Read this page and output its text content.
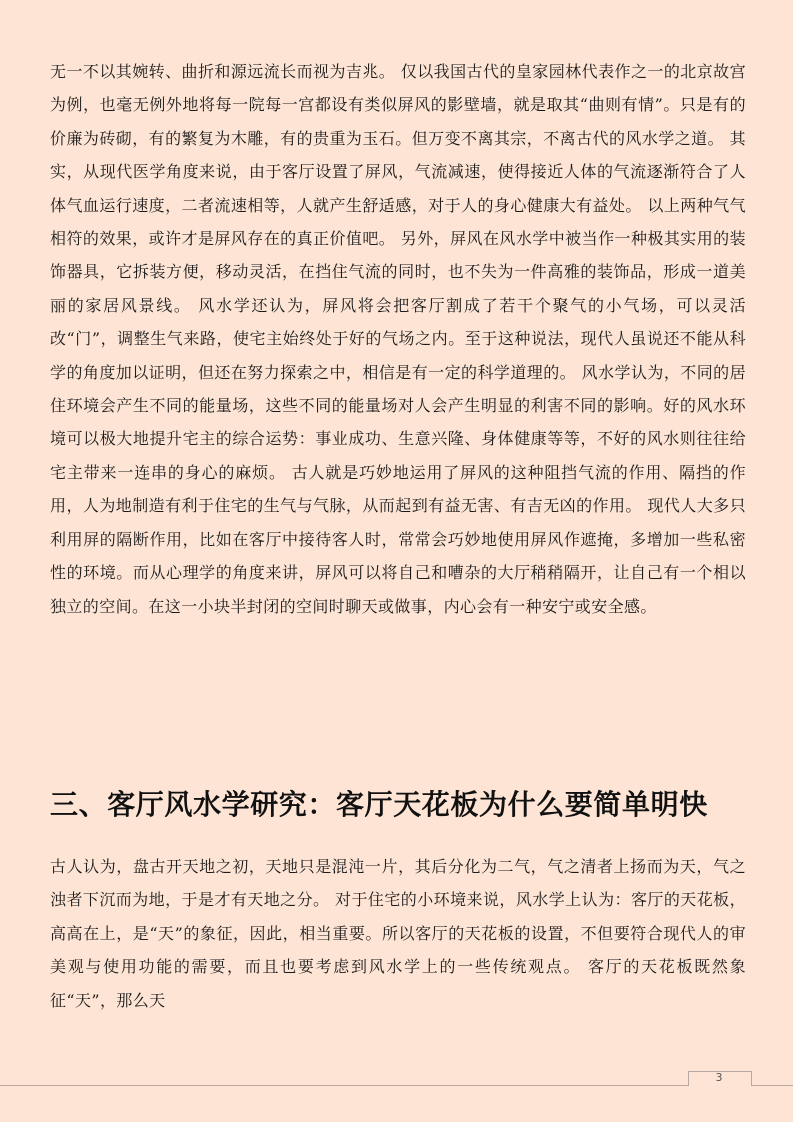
无一不以其婉转、曲折和源远流长而视为吉兆。 仅以我国古代的皇家园林代表作之一的北京故宫为例，也毫无例外地将每一院每一宫都设有类似屏风的影壁墙，就是取其“曲则有情”。只是有的价廉为砖砌，有的繁复为木雕，有的贵重为玉石。但万变不离其宗，不离古代的风水学之道。 其实，从现代医学角度来说，由于客厅设置了屏风，气流减速，使得接近人体的气流逐渐符合了人体气血运行速度，二者流速相等，人就产生舒适感，对于人的身心健康大有益处。 以上两种气气相符的效果，或许才是屏风存在的真正价值吧。 另外，屏风在风水学中被当作一种极其实用的装饰器具，它拆装方便，移动灵活，在挡住气流的同时，也不失为一件高雅的装饰品，形成一道美丽的家居风景线。 风水学还认为，屏风将会把客厅割成了若干个聚气的小气场，可以灵活改“门”，调整生气来路，使宅主始终处于好的气场之内。至于这种说法，现代人虽说还不能从科学的角度加以证明，但还在努力探索之中，相信是有一定的科学道理的。 风水学认为，不同的居住环境会产生不同的能量场，这些不同的能量场对人会产生明显的利害不同的影响。好的风水环境可以极大地提升宅主的综合运势：事业成功、生意兴隆、身体健康等等，不好的风水则往往给宅主带来一连串的身心的麻烦。 古人就是巧妙地运用了屏风的这种阻挡气流的作用、隔挡的作用，人为地制造有利于住宅的生气与气脉，从而起到有益无害、有吉无凶的作用。 现代人大多只利用屏的隔断作用，比如在客厅中接待客人时，常常会巧妙地使用屏风作遮掩，多增加一些私密性的环境。而从心理学的角度来讲，屏风可以将自己和嘈杂的大厅稍稍隔开，让自己有一个相以独立的空间。在这一小块半封闭的空间时聊天或做事，内心会有一种安宁或安全感。

三、客厅风水学研究：客厅天花板为什么要简单明快

古人认为，盘古开天地之初，天地只是混沌一片，其后分化为二气，气之清者上扬而为天，气之浊者下沉而为地，于是才有天地之分。 对于住宅的小环境来说，风水学上认为：客厅的天花板，高高在上，是“天”的象征，因此，相当重要。所以客厅的天花板的设置，不但要符合现代人的审美观与使用功能的需要，而且也要考虑到风水学上的一些传统观点。 客厅的天花板既然象征“天”，那么天

3
